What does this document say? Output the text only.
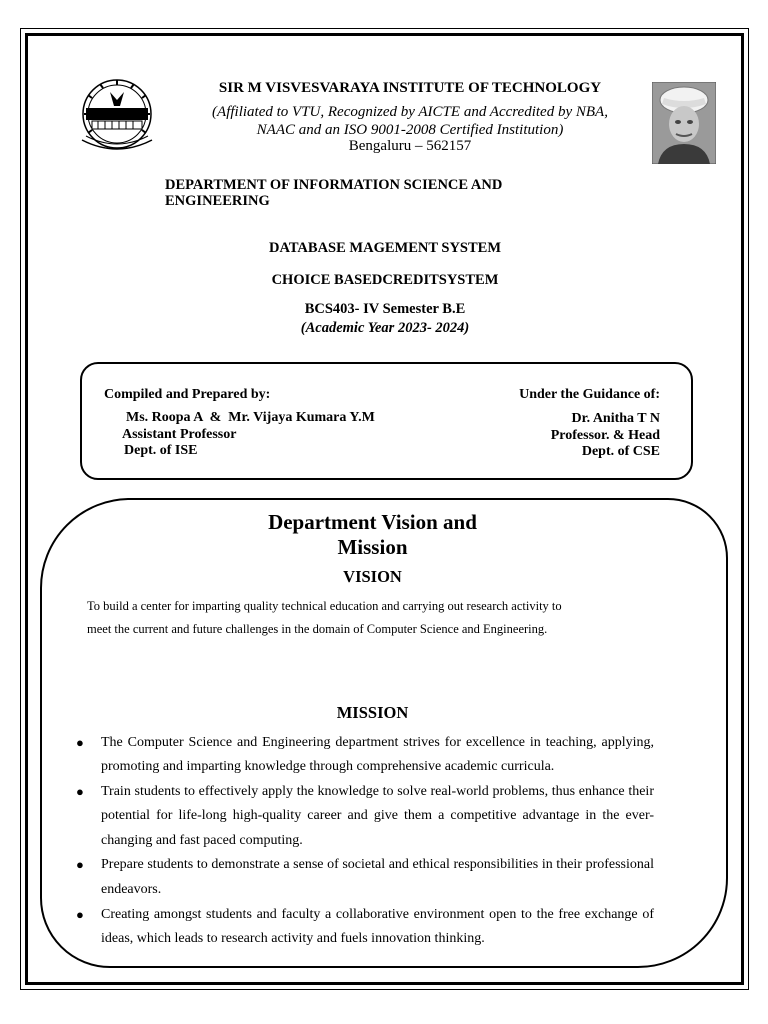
SIR M VISVESVARAYA INSTITUTE OF TECHNOLOGY
(Affiliated to VTU, Recognized by AICTE and Accredited by NBA,
NAAC and an ISO 9001-2008 Certified Institution)
Bengaluru – 562157
DEPARTMENT OF INFORMATION SCIENCE AND
ENGINEERING
DATABASE MAGEMENT SYSTEM
CHOICE BASEDCREDITSYSTEM
BCS403- IV Semester B.E
(Academic Year 2023- 2024)
Compiled and Prepared by:
Ms. Roopa A  &  Mr. Vijaya Kumara Y.M
Assistant Professor
Dept. of ISE
Under the Guidance of:
Dr. Anitha T N
Professor. & Head
Dept. of CSE
Department Vision and
Mission
VISION
To build a center for imparting quality technical education and carrying out research activity to
meet the current and future challenges in the domain of Computer Science and Engineering.
MISSION
● The Computer Science and Engineering department strives for excellence in teaching, applying, promoting and imparting knowledge through comprehensive academic curricula.
● Train students to effectively apply the knowledge to solve real-world problems, thus enhance their potential for life-long high-quality career and give them a competitive advantage in the ever-changing and fast paced computing.
● Prepare students to demonstrate a sense of societal and ethical responsibilities in their professional endeavors.
● Creating amongst students and faculty a collaborative environment open to the free exchange of ideas, which leads to research activity and fuels innovation thinking.
